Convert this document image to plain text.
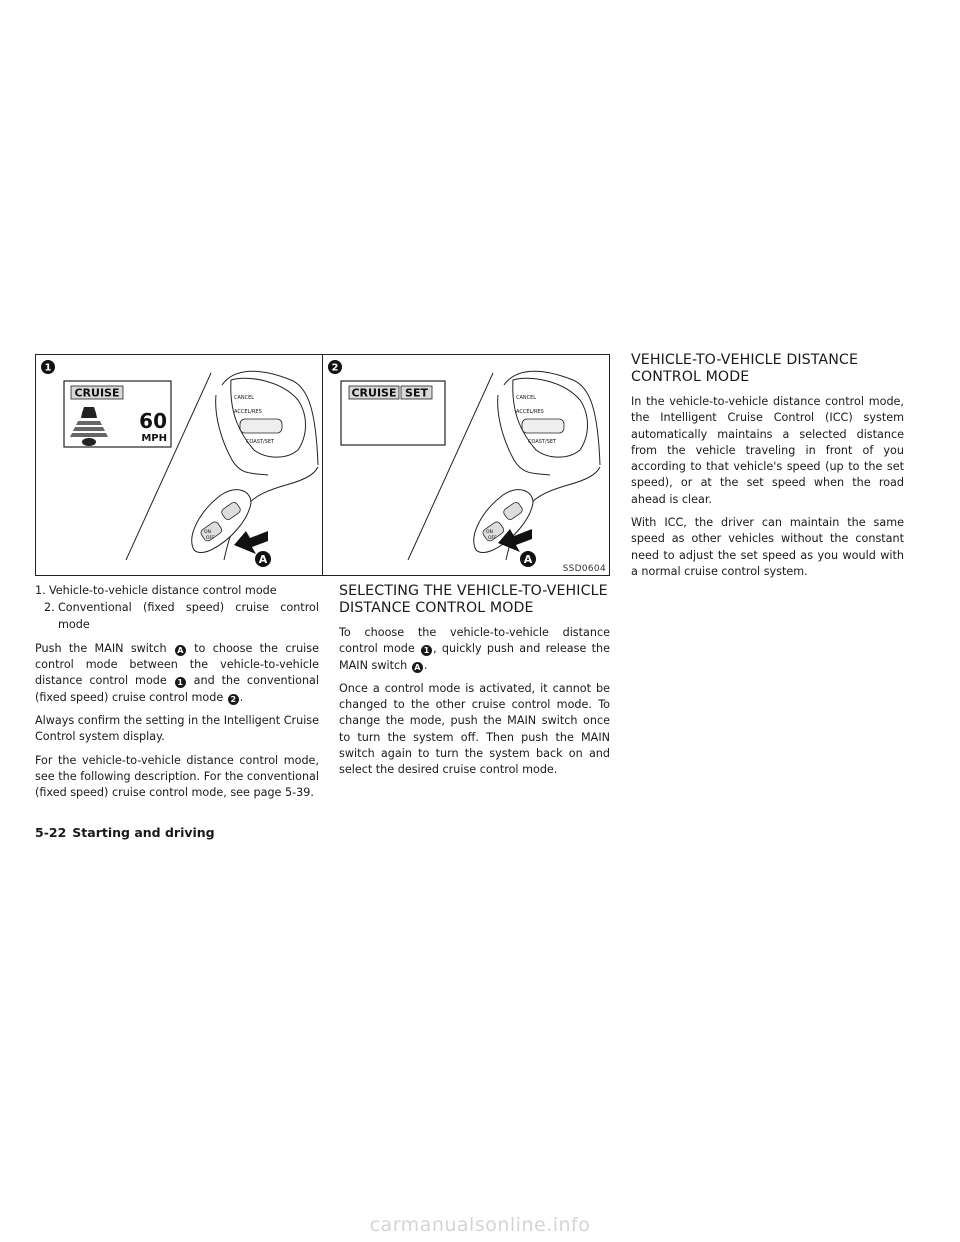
1
CRUISE
60
MPH
CANCEL
ACCEL/RES
COAST/SET
ON
OFF
A
2
CRUISE SET	CANCEL
ACCEL/RES
COAST/SET
ON
OFF
A
SSD0604
1. Vehicle-to-vehicle distance control mode
2. Conventional (fixed speed) cruise control mode

Push the MAIN switch A to choose the cruise control mode between the vehicle-to-vehicle distance control mode 1 and the conventional (fixed speed) cruise control mode 2 .

Always confirm the setting in the Intelligent Cruise Control system display.

For the vehicle-to-vehicle distance control mode, see the following description. For the conventional (fixed speed) cruise control mode, see page 5-39.

SELECTING THE VEHICLE-TO-VEHICLE DISTANCE CONTROL MODE

To choose the vehicle-to-vehicle distance control mode 1 , quickly push and release the MAIN switch A .

Once a control mode is activated, it cannot be changed to the other cruise control mode. To change the mode, push the MAIN switch once to turn the system off. Then push the MAIN switch again to turn the system back on and select the desired cruise control mode.

VEHICLE-TO-VEHICLE DISTANCE CONTROL MODE

In the vehicle-to-vehicle distance control mode, the Intelligent Cruise Control (ICC) system automatically maintains a selected distance from the vehicle traveling in front of you according to that vehicle's speed (up to the set speed), or at the set speed when the road ahead is clear.

With ICC, the driver can maintain the same speed as other vehicles without the constant need to adjust the set speed as you would with a normal cruise control system.

5-22 Starting and driving
carmanualsonline.info
